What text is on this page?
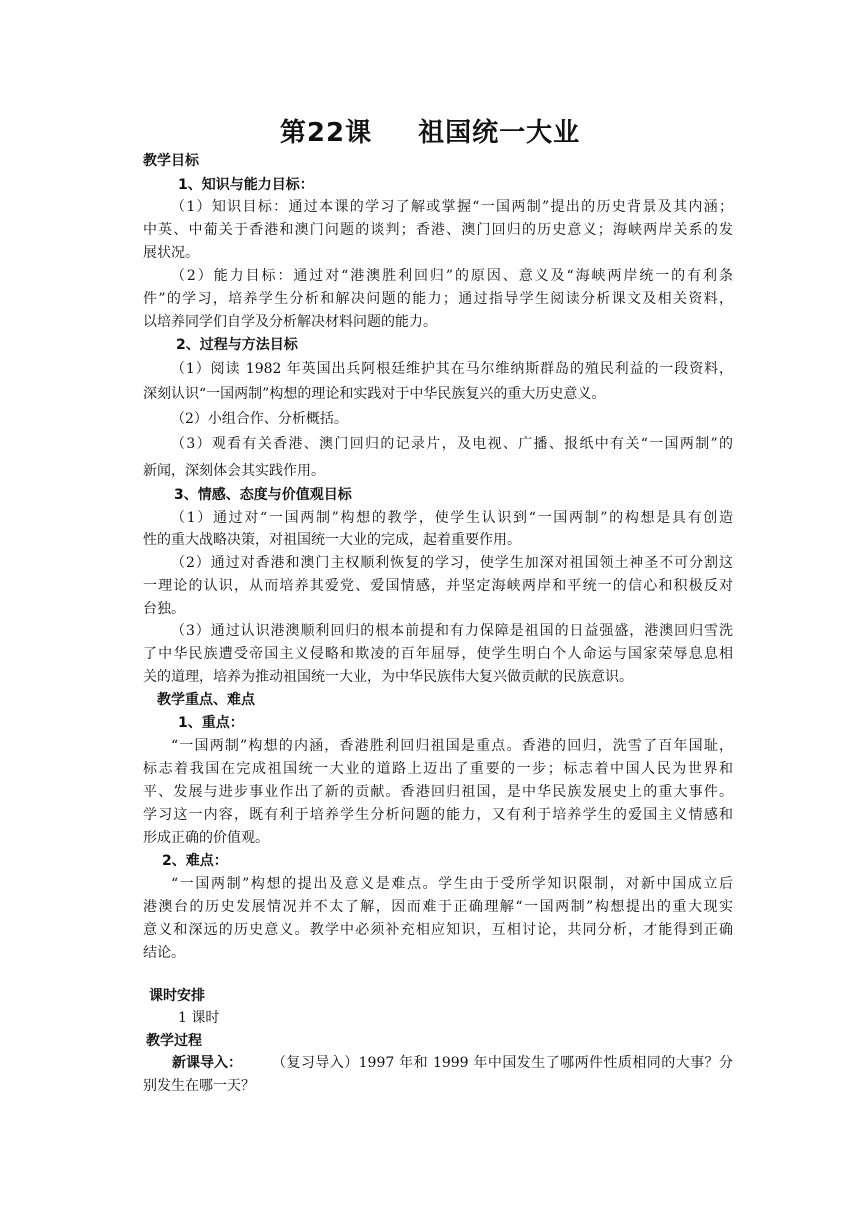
第22课 祖国统一大业
教学目标
1、知识与能力目标：
（1）知识目标：通过本课的学习了解或掌握“一国两制”提出的历史背景及其内涵；
中英、中葡关于香港和澳门问题的谈判；香港、澳门回归的历史意义；海峡两岸关系的发
展状况。
（2）能力目标：通过对“港澳胜利回归”的原因、意义及“海峡两岸统一的有利条
件”的学习，培养学生分析和解决问题的能力；通过指导学生阅读分析课文及相关资料，
以培养同学们自学及分析解决材料问题的能力。
2、过程与方法目标
（1）阅读 1982 年英国出兵阿根廷维护其在马尔维纳斯群岛的殖民利益的一段资料，
深刻认识“一国两制”构想的理论和实践对于中华民族复兴的重大历史意义。
（2）小组合作、分析概括。
（3）观看有关香港、澳门回归的记录片，及电视、广播、报纸中有关“一国两制”的
新闻，深刻体会其实践作用。
3、情感、态度与价值观目标
（1）通过对“一国两制”构想的教学，使学生认识到“一国两制”的构想是具有创造
性的重大战略决策，对祖国统一大业的完成，起着重要作用。
（2）通过对香港和澳门主权顺利恢复的学习，使学生加深对祖国领土神圣不可分割这
一理论的认识，从而培养其爱党、爱国情感，并坚定海峡两岸和平统一的信心和积极反对
台独。
（3）通过认识港澳顺利回归的根本前提和有力保障是祖国的日益强盛，港澳回归雪洗
了中华民族遭受帝国主义侵略和欺凌的百年屈辱，使学生明白个人命运与国家荣辱息息相
关的道理，培养为推动祖国统一大业，为中华民族伟大复兴做贡献的民族意识。
教学重点、难点
1、重点：
“一国两制”构想的内涵，香港胜利回归祖国是重点。香港的回归，洗雪了百年国耻，
标志着我国在完成祖国统一大业的道路上迈出了重要的一步；标志着中国人民为世界和
平、发展与进步事业作出了新的贡献。香港回归祖国，是中华民族发展史上的重大事件。
学习这一内容，既有利于培养学生分析问题的能力，又有利于培养学生的爱国主义情感和
形成正确的价值观。
2、难点：
“一国两制”构想的提出及意义是难点。学生由于受所学知识限制，对新中国成立后
港澳台的历史发展情况并不太了解，因而难于正确理解“一国两制”构想提出的重大现实
意义和深远的历史意义。教学中必须补充相应知识，互相讨论，共同分析，才能得到正确
结论。
课时安排
1 课时
教学过程
新课导入：	（复习导入）1997 年和 1999 年中国发生了哪两件性质相同的大事？分
别发生在哪一天？
